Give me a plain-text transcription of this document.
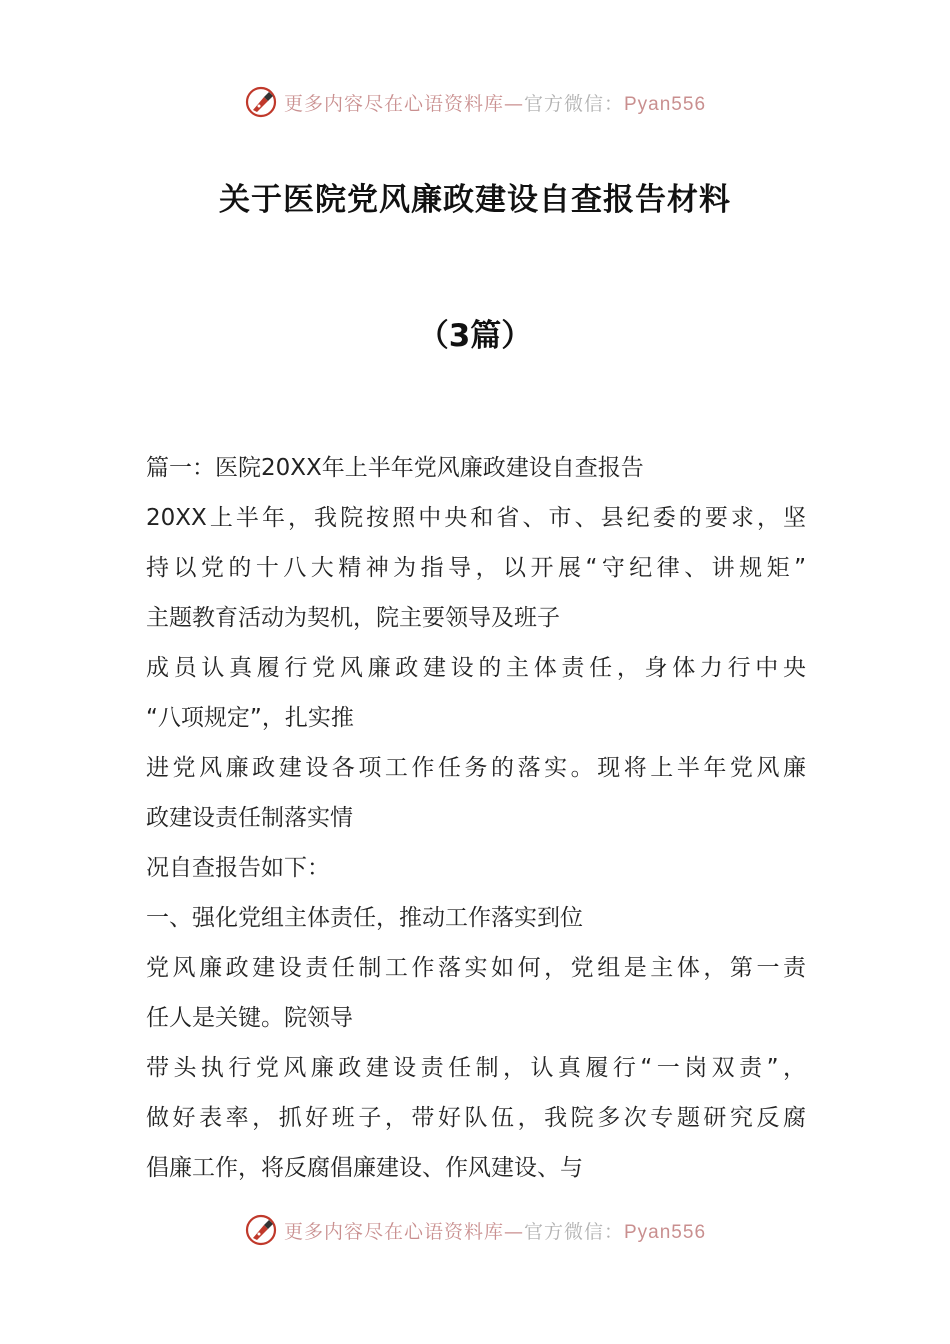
更多内容尽在心语资料库—官方微信：Pyan556
关于医院党风廉政建设自查报告材料
（3篇）
篇一：医院20XX年上半年党风廉政建设自查报告
20XX上半年，我院按照中央和省、市、县纪委的要求，坚
持以党的十八大精神为指导，以开展“守纪律、讲规矩”
主题教育活动为契机，院主要领导及班子
成员认真履行党风廉政建设的主体责任，身体力行中央
“八项规定”，扎实推
进党风廉政建设各项工作任务的落实。现将上半年党风廉
政建设责任制落实情
况自查报告如下：
一、强化党组主体责任，推动工作落实到位
党风廉政建设责任制工作落实如何，党组是主体，第一责
任人是关键。院领导
带头执行党风廉政建设责任制，认真履行“一岗双责”，
做好表率，抓好班子，带好队伍，我院多次专题研究反腐
倡廉工作，将反腐倡廉建设、作风建设、与
更多内容尽在心语资料库—官方微信：Pyan556
